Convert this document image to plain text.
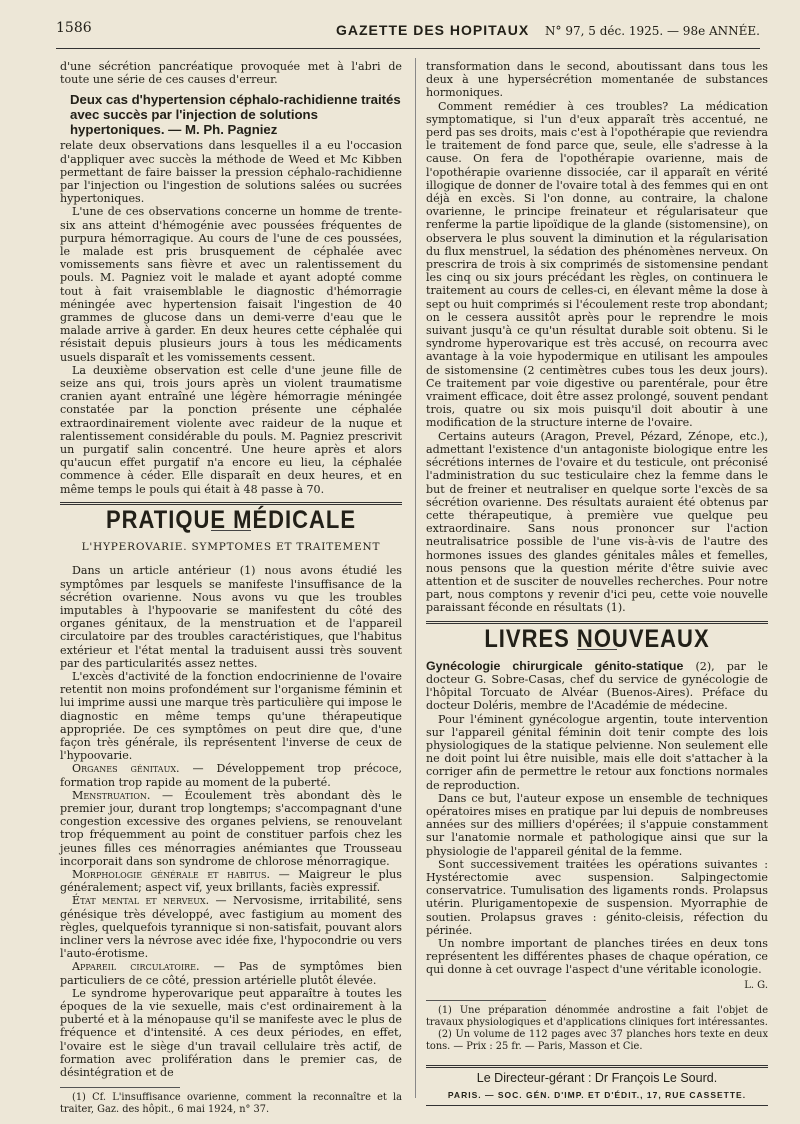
1586	GAZETTE DES HOPITAUX N° 97, 5 déc. 1925. — 98e ANNÉE.

d'une sécrétion pancréatique provoquée met à l'abri de toute une série de ces causes d'erreur.

Deux cas d'hypertension céphalo-rachidienne traités avec succès par l'injection de solutions hypertoniques. — M. Ph. Pagniez

relate deux observations dans lesquelles il a eu l'occasion d'appliquer avec succès la méthode de Weed et Mc Kibben permettant de faire baisser la pression céphalo-rachidienne par l'injection ou l'ingestion de solutions salées ou sucrées hypertoniques.

L'une de ces observations concerne un homme de trente-six ans atteint d'hémogénie avec poussées fréquentes de purpura hémorragique. Au cours de l'une de ces poussées, le malade est pris brusquement de céphalée avec vomissements sans fièvre et avec un ralentissement du pouls. M. Pagniez voit le malade et ayant adopté comme tout à fait vraisemblable le diagnostic d'hémorragie méningée avec hypertension faisait l'ingestion de 40 grammes de glucose dans un demi-verre d'eau que le malade arrive à garder. En deux heures cette céphalée qui résistait depuis plusieurs jours à tous les médicaments usuels disparaît et les vomissements cessent.

La deuxième observation est celle d'une jeune fille de seize ans qui, trois jours après un violent traumatisme cranien ayant entraîné une légère hémorragie méningée constatée par la ponction présente une céphalée extraordinairement violente avec raideur de la nuque et ralentissement considérable du pouls. M. Pagniez prescrivit un purgatif salin concentré. Une heure après et alors qu'aucun effet purgatif n'a encore eu lieu, la céphalée commence à céder. Elle disparaît en deux heures, et en même temps le pouls qui était à 48 passe à 70.

PRATIQUE MÉDICALE
L'HYPEROVARIE. SYMPTOMES ET TRAITEMENT

Dans un article antérieur (1) nous avons étudié les symptômes par lesquels se manifeste l'insuffisance de la sécrétion ovarienne. Nous avons vu que les troubles imputables à l'hypoovarie se manifestent du côté des organes génitaux, de la menstruation et de l'appareil circulatoire par des troubles caractéristiques, que l'habitus extérieur et l'état mental la traduisent aussi très souvent par des particularités assez nettes.

L'excès d'activité de la fonction endocrinienne de l'ovaire retentit non moins profondément sur l'organisme féminin et lui imprime aussi une marque très particulière qui impose le diagnostic en même temps qu'une thérapeutique appropriée. De ces symptômes on peut dire que, d'une façon très générale, ils représentent l'inverse de ceux de l'hypoovarie.

Organes génitaux. — Développement trop précoce, formation trop rapide au moment de la puberté.

Menstruation. — Écoulement très abondant dès le premier jour, durant trop longtemps; s'accompagnant d'une congestion excessive des organes pelviens, se renouvelant trop fréquemment au point de constituer parfois chez les jeunes filles ces ménorragies anémiantes que Trousseau incorporait dans son syndrome de chlorose ménorragique.

Morphologie générale et habitus. — Maigreur le plus généralement; aspect vif, yeux brillants, faciès expressif.

État mental et nerveux. — Nervosisme, irritabilité, sens génésique très développé, avec fastigium au moment des règles, quelquefois tyrannique si non-satisfait, pouvant alors incliner vers la névrose avec idée fixe, l'hypocondrie ou vers l'auto-érotisme.

Appareil circulatoire. — Pas de symptômes bien particuliers de ce côté, pression artérielle plutôt élevée.

Le syndrome hyperovarique peut apparaître à toutes les époques de la vie sexuelle, mais c'est ordinairement à la puberté et à la ménopause qu'il se manifeste avec le plus de fréquence et d'intensité. A ces deux périodes, en effet, l'ovaire est le siège d'un travail cellulaire très actif, de formation avec prolifération dans le premier cas, de désintégration et de

(1) Cf. L'insuffisance ovarienne, comment la reconnaître et la traiter, Gaz. des hôpit., 6 mai 1924, n° 37.

transformation dans le second, aboutissant dans tous les deux à une hypersécrétion momentanée de substances hormoniques.

Comment remédier à ces troubles? La médication symptomatique, si l'un d'eux apparaît très accentué, ne perd pas ses droits, mais c'est à l'opothérapie que reviendra le traitement de fond parce que, seule, elle s'adresse à la cause. On fera de l'opothérapie ovarienne, mais de l'opothérapie ovarienne dissociée, car il apparaît en vérité illogique de donner de l'ovaire total à des femmes qui en ont déjà en excès. Si l'on donne, au contraire, la chalone ovarienne, le principe freinateur et régularisateur que renferme la partie lipoïdique de la glande (sistomensine), on observera le plus souvent la diminution et la régularisation du flux menstruel, la sédation des phénomènes nerveux. On prescrira de trois à six comprimés de sistomensine pendant les cinq ou six jours précédant les règles, on continuera le traitement au cours de celles-ci, en élevant même la dose à sept ou huit comprimés si l'écoulement reste trop abondant; on le cessera aussitôt après pour le reprendre le mois suivant jusqu'à ce qu'un résultat durable soit obtenu. Si le syndrome hyperovarique est très accusé, on recourra avec avantage à la voie hypodermique en utilisant les ampoules de sistomensine (2 centimètres cubes tous les deux jours). Ce traitement par voie digestive ou parentérale, pour être vraiment efficace, doit être assez prolongé, souvent pendant trois, quatre ou six mois puisqu'il doit aboutir à une modification de la structure interne de l'ovaire.

Certains auteurs (Aragon, Prevel, Pézard, Zénope, etc.), admettant l'existence d'un antagoniste biologique entre les sécrétions internes de l'ovaire et du testicule, ont préconisé l'administration du suc testiculaire chez la femme dans le but de freiner et neutraliser en quelque sorte l'excès de sa sécrétion ovarienne. Des résultats auraient été obtenus par cette thérapeutique, à première vue quelque peu extraordinaire. Sans nous prononcer sur l'action neutralisatrice possible de l'une vis-à-vis de l'autre des hormones issues des glandes génitales mâles et femelles, nous pensons que la question mérite d'être suivie avec attention et de susciter de nouvelles recherches. Pour notre part, nous comptons y revenir d'ici peu, cette voie nouvelle paraissant féconde en résultats (1).

LIVRES NOUVEAUX

Gynécologie chirurgicale génito-statique (2), par le docteur G. Sobre-Casas, chef du service de gynécologie de l'hôpital Torcuato de Alvéar (Buenos-Aires). Préface du docteur Doléris, membre de l'Académie de médecine.

Pour l'éminent gynécologue argentin, toute intervention sur l'appareil génital féminin doit tenir compte des lois physiologiques de la statique pelvienne. Non seulement elle ne doit point lui être nuisible, mais elle doit s'attacher à la corriger afin de permettre le retour aux fonctions normales de reproduction.

Dans ce but, l'auteur expose un ensemble de techniques opératoires mises en pratique par lui depuis de nombreuses années sur des milliers d'opérées; il s'appuie constamment sur l'anatomie normale et pathologique ainsi que sur la physiologie de l'appareil génital de la femme.

Sont successivement traitées les opérations suivantes : Hystérectomie avec suspension. Salpingectomie conservatrice. Tumulisation des ligaments ronds. Prolapsus utérin. Plurigamentopexie de suspension. Myorraphie de soutien. Prolapsus graves : génito-cleisis, réfection du périnée.

Un nombre important de planches tirées en deux tons représentent les différentes phases de chaque opération, ce qui donne à cet ouvrage l'aspect d'une véritable iconologie.

L. G.

(1) Une préparation dénommée androstine a fait l'objet de travaux physiologiques et d'applications cliniques fort intéressantes.

(2) Un volume de 112 pages avec 37 planches hors texte en deux tons. — Prix : 25 fr. — Paris, Masson et Cie.

Le Directeur-gérant : Dr François Le Sourd.
PARIS. — SOC. GÉN. D'IMP. ET D'ÉDIT., 17, RUE CASSETTE.
